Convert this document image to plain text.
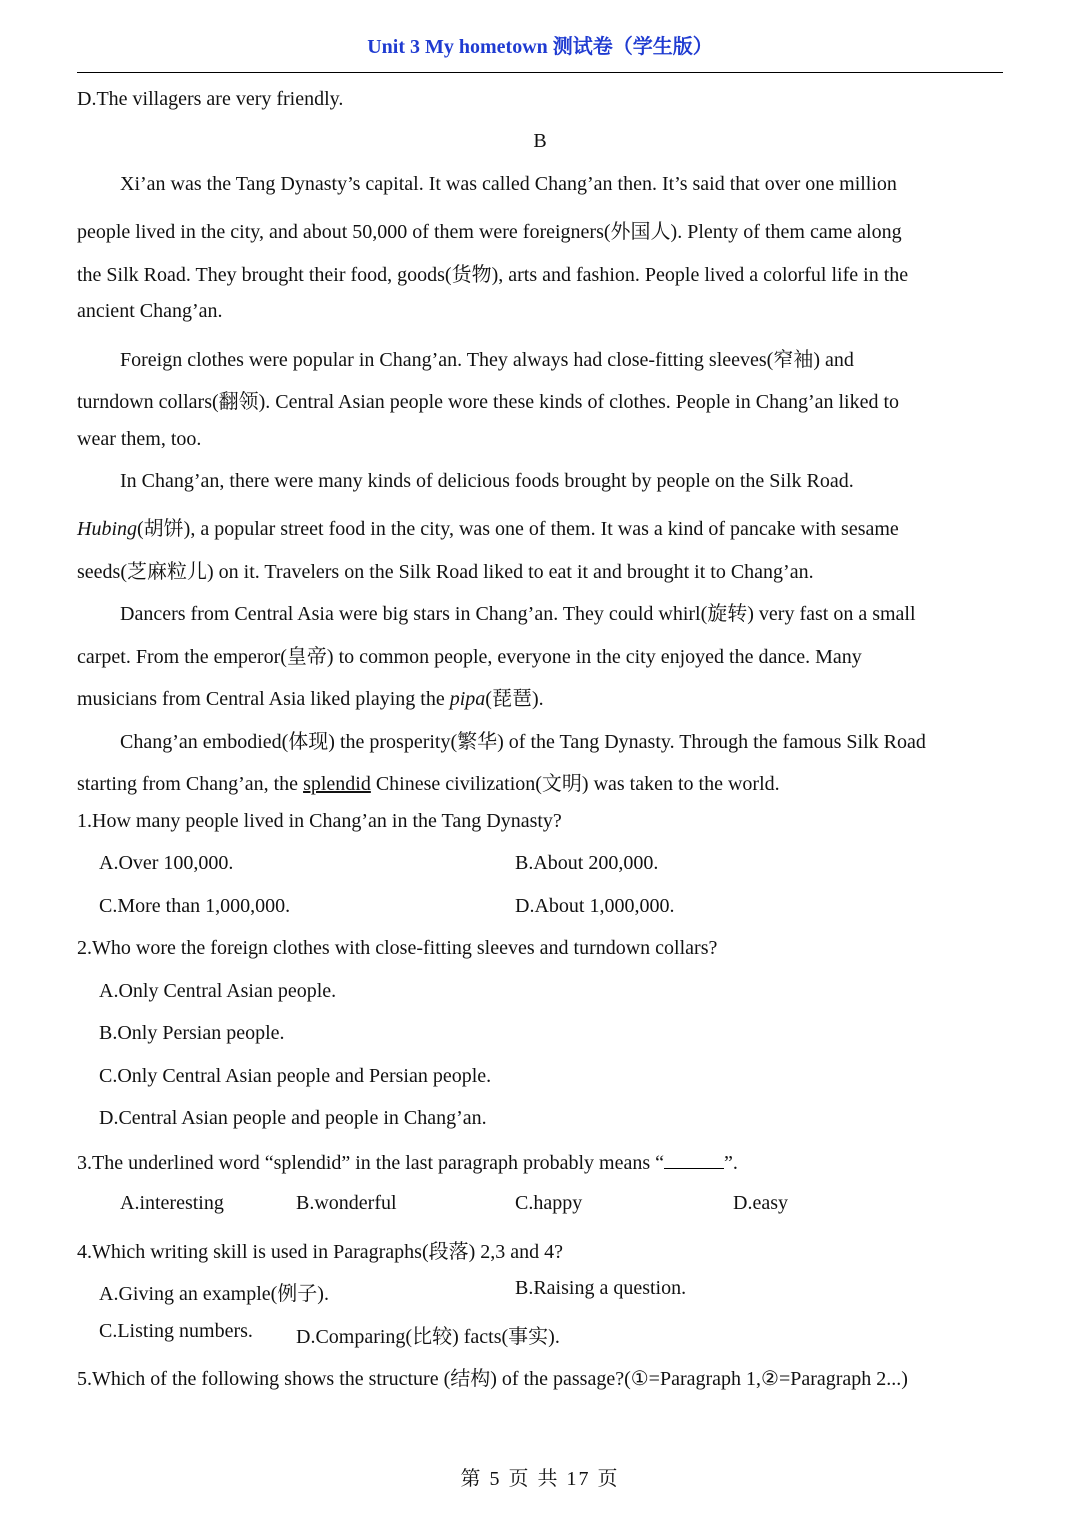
Unit 3 My hometown 测试卷（学生版）
D.The villagers are very friendly.
B
Xi’an was the Tang Dynasty’s capital. It was called Chang’an then. It’s said that over one million
people lived in the city, and about 50,000 of them were foreigners(外国人). Plenty of them came along
the Silk Road. They brought their food, goods(货物), arts and fashion. People lived a colorful life in the
ancient Chang’an.
Foreign clothes were popular in Chang’an. They always had close-fitting sleeves(窄袖) and
turndown collars(翻领). Central Asian people wore these kinds of clothes. People in Chang’an liked to
wear them, too.
In Chang’an, there were many kinds of delicious foods brought by people on the Silk Road.
Hubing(胡饼), a popular street food in the city, was one of them. It was a kind of pancake with sesame
seeds(芝麻粒儿) on it. Travelers on the Silk Road liked to eat it and brought it to Chang’an.
Dancers from Central Asia were big stars in Chang’an. They could whirl(旋转) very fast on a small
carpet. From the emperor(皇帝) to common people, everyone in the city enjoyed the dance. Many
musicians from Central Asia liked playing the pipa(琵琶).
Chang’an embodied(体现) the prosperity(繁华) of the Tang Dynasty. Through the famous Silk Road
starting from Chang’an, the splendid Chinese civilization(文明) was taken to the world.
1.How many people lived in Chang’an in the Tang Dynasty?
A.Over 100,000.	B.About 200,000.
C.More than 1,000,000.	D.About 1,000,000.
2.Who wore the foreign clothes with close-fitting sleeves and turndown collars?
A.Only Central Asian people.
B.Only Persian people.
C.Only Central Asian people and Persian people.
D.Central Asian people and people in Chang’an.
3.The underlined word “splendid” in the last paragraph probably means “	”.
A.interesting	B.wonderful	C.happy	D.easy
4.Which writing skill is used in Paragraphs(段落) 2,3 and 4?
A.Giving an example(例子).	B.Raising a question.
C.Listing numbers. D.Comparing(比较) facts(事实).
5.Which of the following shows the structure (结构) of the passage?(①=Paragraph 1,②=Paragraph 2...)
第 5 页 共 17 页
